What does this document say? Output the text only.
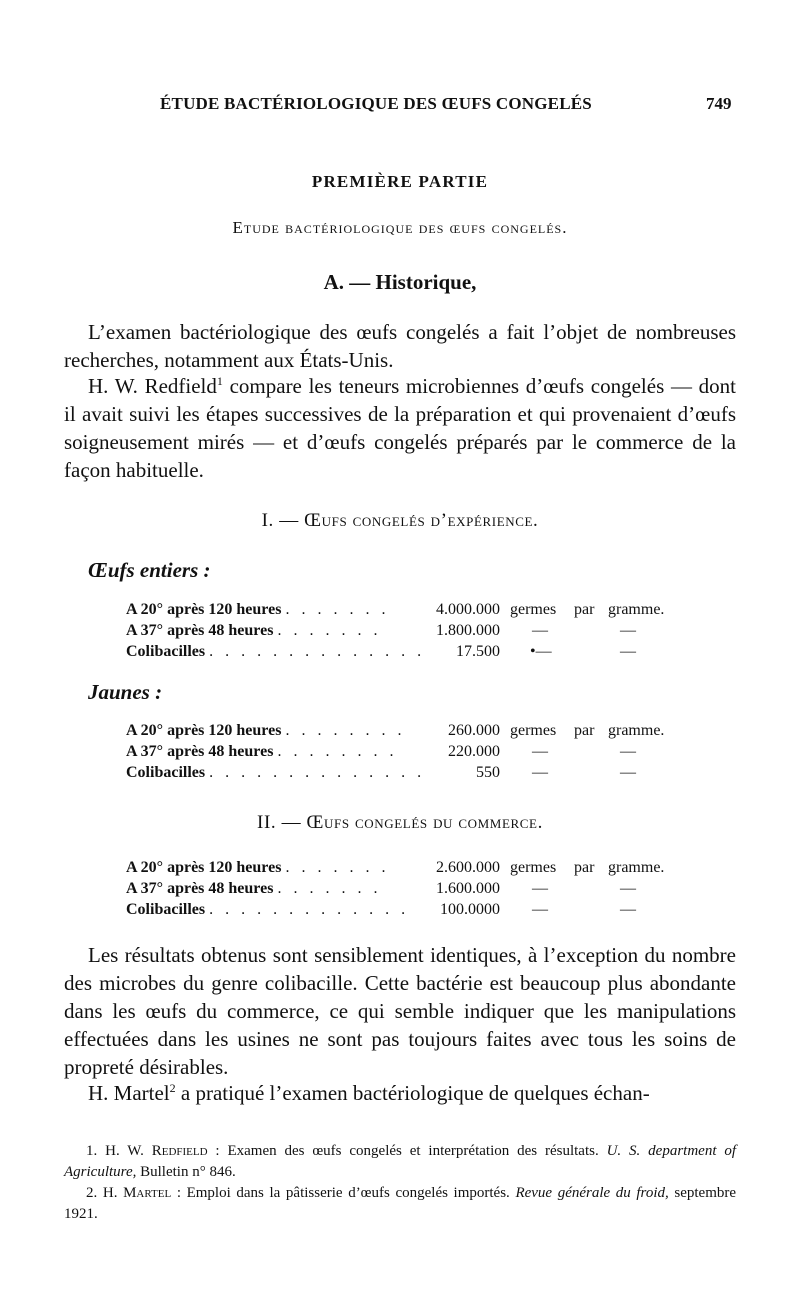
ÉTUDE BACTÉRIOLOGIQUE DES ŒUFS CONGELÉS	749
PREMIÈRE PARTIE
Etude bactériologique des œufs congelés.
A. — Historique,

L’examen bactériologique des œufs congelés a fait l’objet de nombreuses recherches, notamment aux États-Unis.

H. W. Redfield$^1$ compare les teneurs microbiennes d’œufs congelés — dont il avait suivi les étapes successives de la préparation et qui provenaient d’œufs soigneusement mirés — et d’œufs congelés préparés par le commerce de la façon habituelle.

I. — Œufs congelés d’expérience.
Œufs entiers :
A 20° après 120 heures . . . . . . .	4.000.000 germes par gramme.
A 37° après 48 heures . . . . . . .	1.800.000 —	—
Colibacilles . . . . . . . . . . . . . . 17.500 •—	—
Jaunes :
A 20° après 120 heures . . . . . . . .	260.000 germes par gramme.
A 37° après 48 heures . . . . . . . .	220.000 —	—
Colibacilles . . . . . . . . . . . . . .	550 —	—
II. — Œufs congelés du commerce.
A 20° après 120 heures . . . . . . .	2.600.000 germes par gramme.
A 37° après 48 heures . . . . . . .	1.600.000 —	—
Colibacilles . . . . . . . . . . . . .	100.0000 —	—

Les résultats obtenus sont sensiblement identiques, à l’exception du nombre des microbes du genre colibacille. Cette bactérie est beaucoup plus abondante dans les œufs du commerce, ce qui semble indiquer que les manipulations effectuées dans les usines ne sont pas toujours faites avec tous les soins de propreté désirables.

H. Martel$^2$ a pratiqué l’examen bactériologique de quelques échan-

1. H. W. Redfield : Examen des œufs congelés et interprétation des résultats. U. S. department of Agriculture, Bulletin n° 846.

2. H. Martel : Emploi dans la pâtisserie d’œufs congelés importés. Revue générale du froid, septembre 1921.
